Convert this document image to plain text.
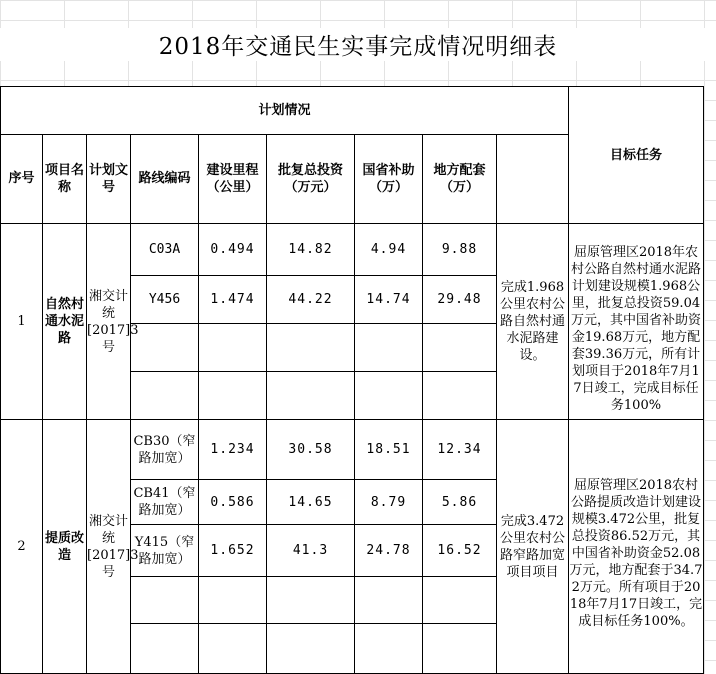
2018年交通民生实事完成情况明细表
计划情况									目标任务	
序号	项目名称	计划文号	路线编码	建设里程（公里）	批复总投资（万元）	国省补助（万）	地方配套（万）			
1	自然村通水泥路	湘交计统[2017]3号	C03A	0.494	14.82	4.94	9.88	完成1.968公里农村公路自然村通水泥路建设。	屈原管理区2018年农村公路自然村通水泥路计划建设规模1.968公里，批复总投资59.04万元，其中国省补助资金19.68万元，地方配套39.36万元，所有计划项目于2018年7月17日竣工，完成目标任务100%	
			Y456	1.474	44.22	14.74	29.48			

2	提质改造	湘交计统[2017]3号	CB30（窄路加宽）	1.234	30.58	18.51	12.34	完成3.472公里农村公路窄路加宽项目项目	屈原管理区2018农村公路提质改造计划建设规模3.472公里，批复总投资86.52万元，其中国省补助资金52.08万元，地方配套于34.72万元。所有项目于2018年7月17日竣工，完成目标任务100%。	
			CB41（窄路加宽）	0.586	14.65	8.79	5.86			
			Y415（窄路加宽）	1.652	41.3	24.78	16.52			
